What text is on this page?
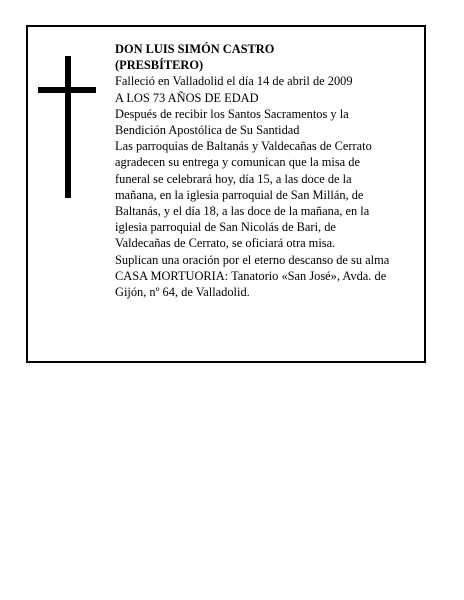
DON LUIS SIMÓN CASTRO
(PRESBÍTERO)
Falleció en Valladolid el día 14 de abril de 2009
A LOS 73 AÑOS DE EDAD
Después de recibir los Santos Sacramentos y la
Bendición Apostólica de Su Santidad
Las parroquias de Baltanás y Valdecañas de Cerrato
agradecen su entrega y comunican que la misa de
funeral se celebrará hoy, día 15, a las doce de la
mañana, en la iglesia parroquial de San Millán, de
Baltanás, y el día 18, a las doce de la mañana, en la
iglesia parroquial de San Nicolás de Bari, de
Valdecañas de Cerrato, se oficiará otra misa.
Suplican una oración por el eterno descanso de su alma
CASA MORTUORIA: Tanatorio «San José», Avda. de
Gijón, nº 64, de Valladolid.
